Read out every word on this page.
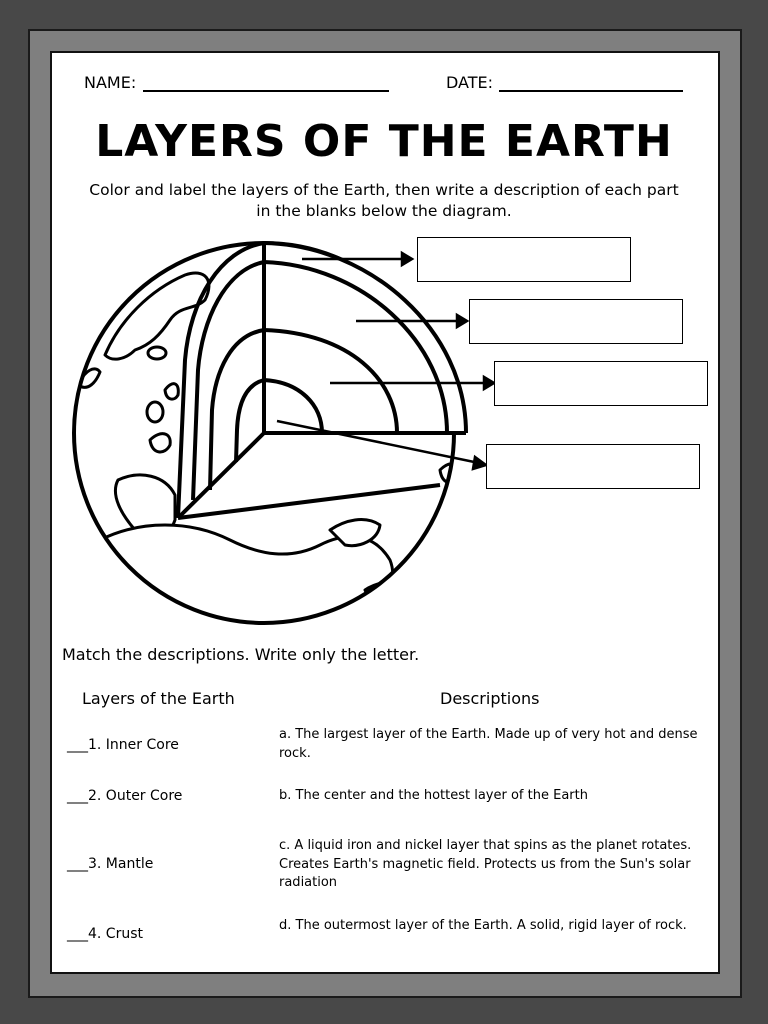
NAME:	DATE:
LAYERS OF THE EARTH
Color and label the layers of the Earth, then write a description of each part in the blanks below the diagram.
Match the descriptions. Write only the letter.
Layers of the Earth	Descriptions
___1. Inner Core
___2. Outer Core
___3. Mantle
___4. Crust
a. The largest layer of the Earth. Made up of very hot and dense rock.
b. The center and the hottest layer of the Earth
c. A liquid iron and nickel layer that spins as the planet rotates. Creates Earth's magnetic field. Protects us from the Sun's solar radiation
d. The outermost layer of the Earth. A solid, rigid layer of rock.
